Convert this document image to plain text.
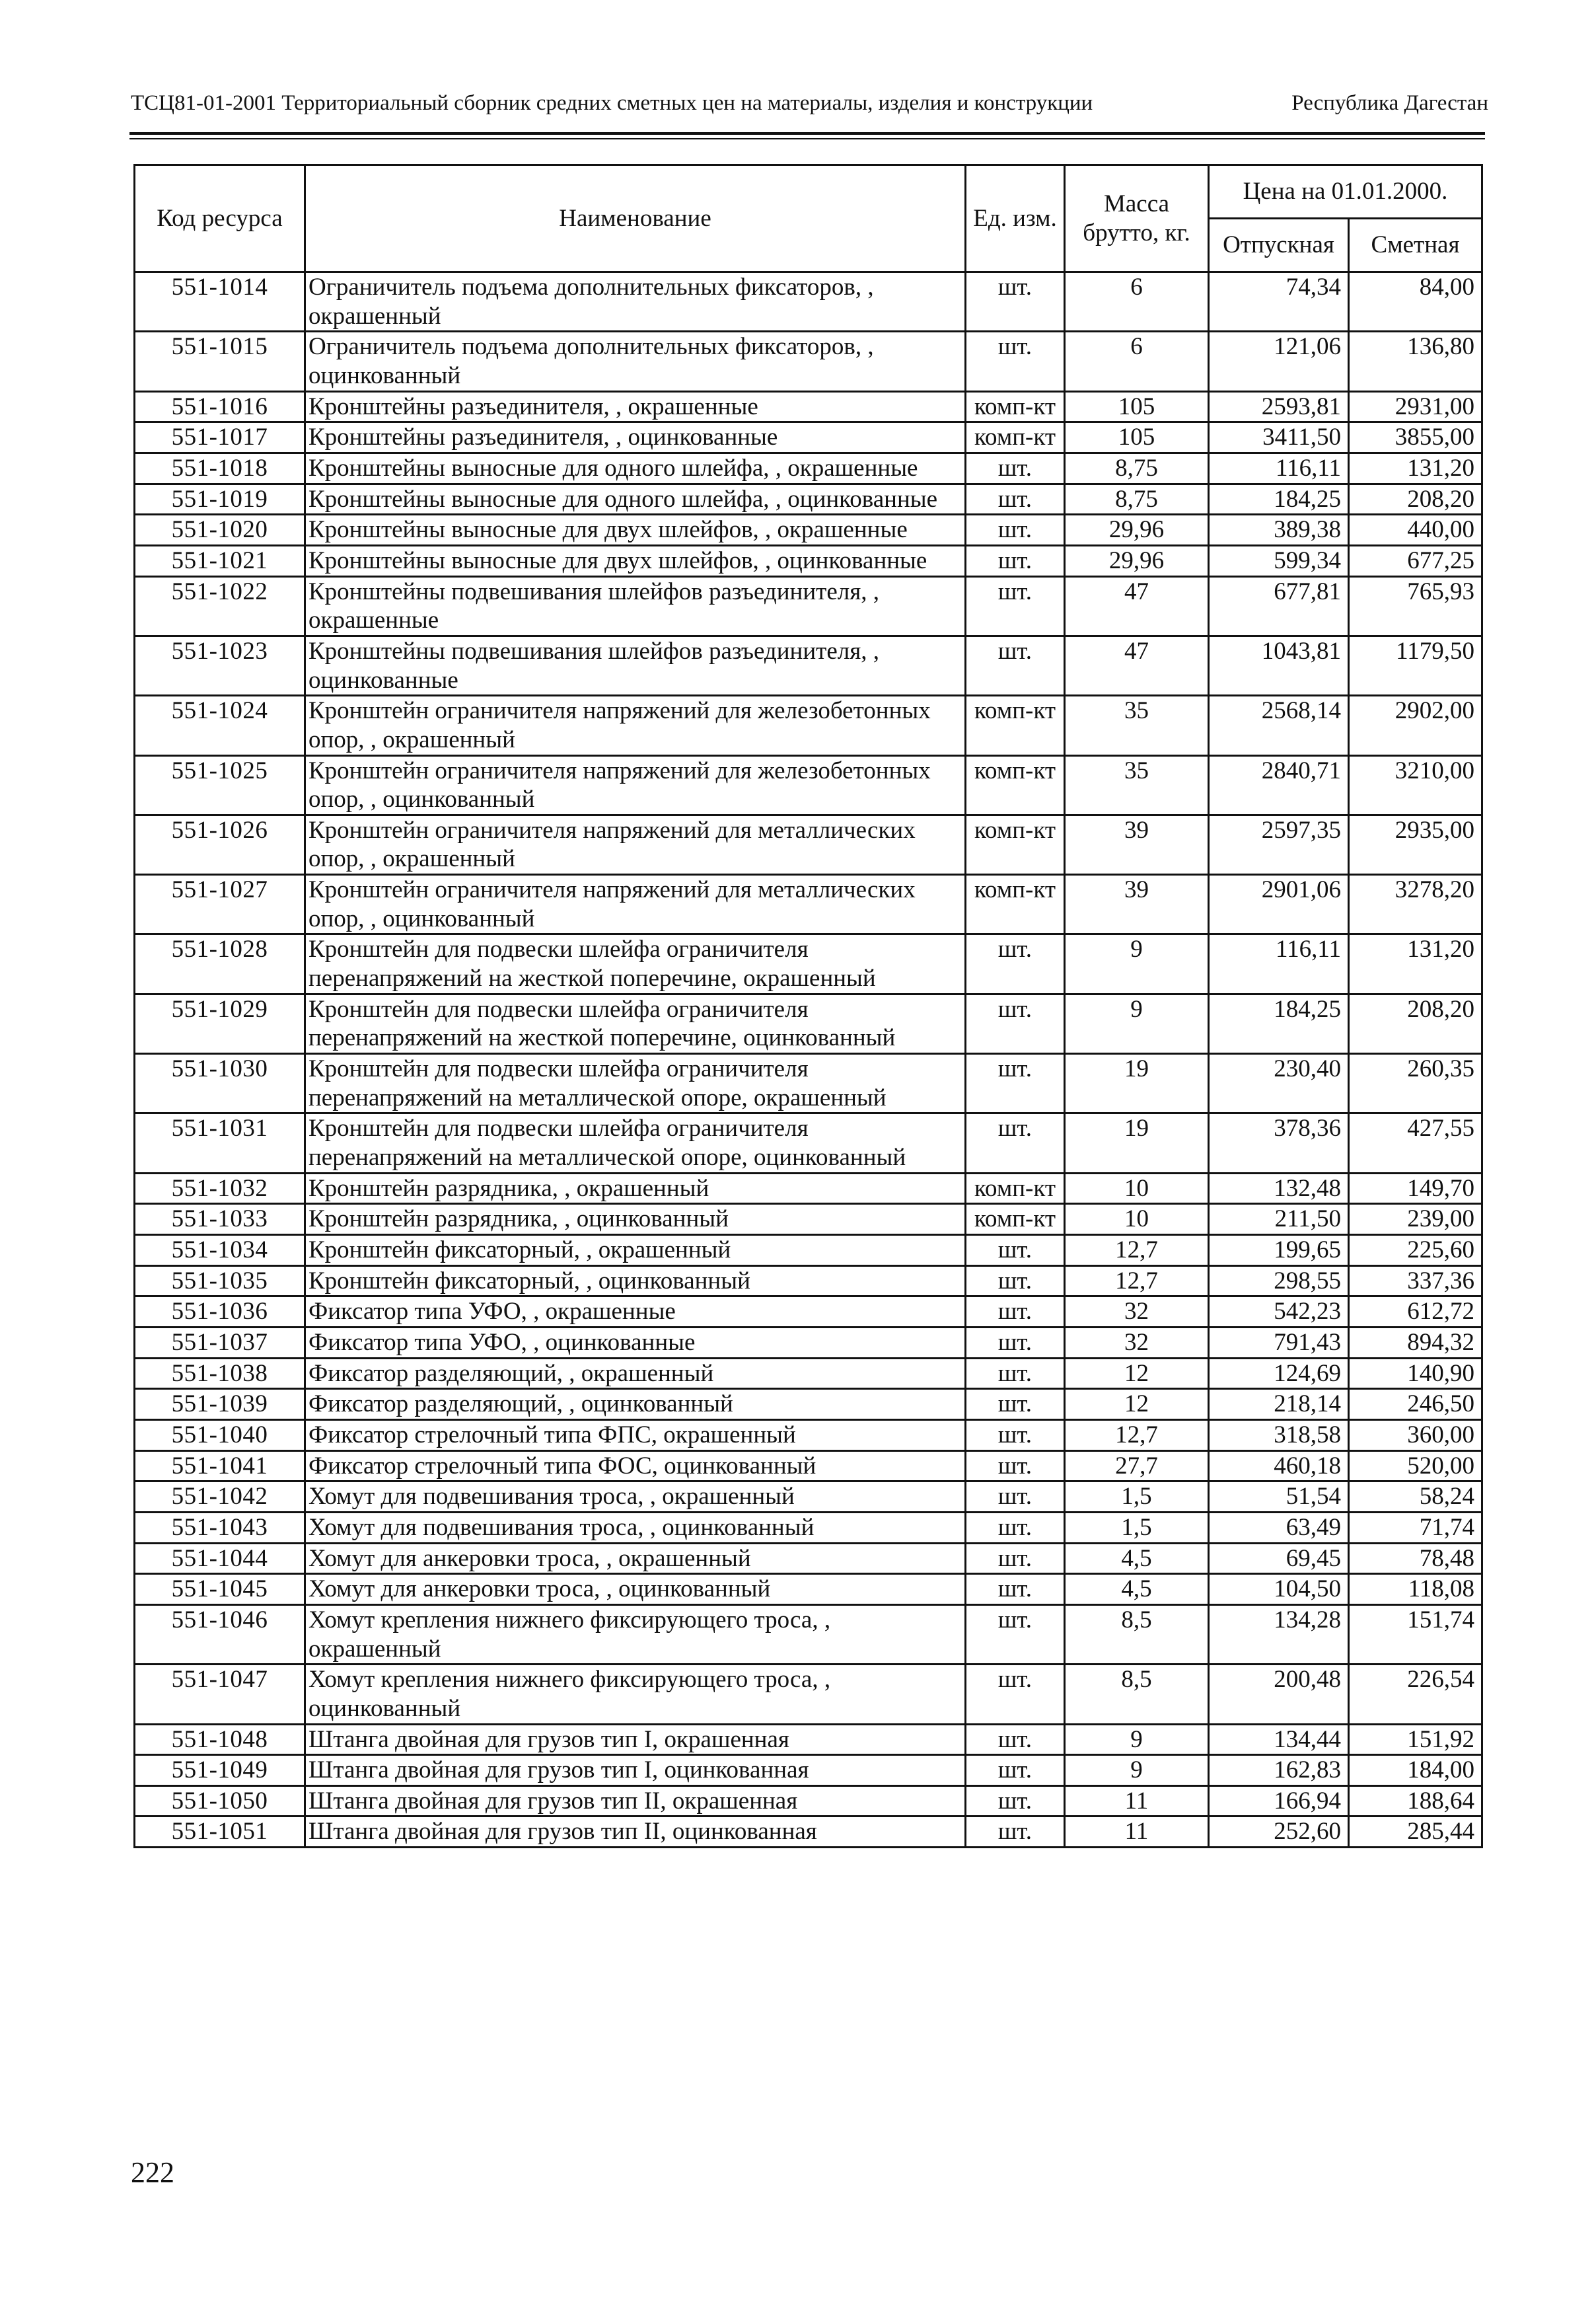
ТСЦ81-01-2001 Территориальный сборник средних сметных цен на материалы, изделия и конструкции	Республика Дагестан
Код ресурса	Наименование	Ед. изм.	Масса брутто, кг.	Цена на 01.01.2000.	
				Отпускная	Сметная
551-1014	Ограничитель подъема дополнительных фиксаторов, , окрашенный	шт.	6	74,34	84,00
551-1015	Ограничитель подъема дополнительных фиксаторов, , оцинкованный	шт.	6	121,06	136,80
551-1016	Кронштейны разъединителя, , окрашенные	комп-кт	105	2593,81	2931,00
551-1017	Кронштейны разъединителя, , оцинкованные	комп-кт	105	3411,50	3855,00
551-1018	Кронштейны выносные для одного шлейфа, , окрашенные	шт.	8,75	116,11	131,20
551-1019	Кронштейны выносные для одного шлейфа, , оцинкованные	шт.	8,75	184,25	208,20
551-1020	Кронштейны выносные для двух шлейфов, , окрашенные	шт.	29,96	389,38	440,00
551-1021	Кронштейны выносные для двух шлейфов, , оцинкованные	шт.	29,96	599,34	677,25
551-1022	Кронштейны подвешивания шлейфов разъединителя, , окрашенные	шт.	47	677,81	765,93
551-1023	Кронштейны подвешивания шлейфов разъединителя, , оцинкованные	шт.	47	1043,81	1179,50
551-1024	Кронштейн ограничителя напряжений для железобетонных опор, , окрашенный	комп-кт	35	2568,14	2902,00
551-1025	Кронштейн ограничителя напряжений для железобетонных опор, , оцинкованный	комп-кт	35	2840,71	3210,00
551-1026	Кронштейн ограничителя напряжений для металлических опор, , окрашенный	комп-кт	39	2597,35	2935,00
551-1027	Кронштейн ограничителя напряжений для металлических опор, , оцинкованный	комп-кт	39	2901,06	3278,20
551-1028	Кронштейн для подвески шлейфа ограничителя перенапряжений на жесткой поперечине, окрашенный	шт.	9	116,11	131,20
551-1029	Кронштейн для подвески шлейфа ограничителя перенапряжений на жесткой поперечине, оцинкованный	шт.	9	184,25	208,20
551-1030	Кронштейн для подвески шлейфа ограничителя перенапряжений на металлической опоре, окрашенный	шт.	19	230,40	260,35
551-1031	Кронштейн для подвески шлейфа ограничителя перенапряжений на металлической опоре, оцинкованный	шт.	19	378,36	427,55
551-1032	Кронштейн разрядника, , окрашенный	комп-кт	10	132,48	149,70
551-1033	Кронштейн разрядника, , оцинкованный	комп-кт	10	211,50	239,00
551-1034	Кронштейн фиксаторный, , окрашенный	шт.	12,7	199,65	225,60
551-1035	Кронштейн фиксаторный, , оцинкованный	шт.	12,7	298,55	337,36
551-1036	Фиксатор типа УФО, , окрашенные	шт.	32	542,23	612,72
551-1037	Фиксатор типа УФО, , оцинкованные	шт.	32	791,43	894,32
551-1038	Фиксатор разделяющий, , окрашенный	шт.	12	124,69	140,90
551-1039	Фиксатор разделяющий, , оцинкованный	шт.	12	218,14	246,50
551-1040	Фиксатор стрелочный типа ФПС, окрашенный	шт.	12,7	318,58	360,00
551-1041	Фиксатор стрелочный типа ФОС, оцинкованный	шт.	27,7	460,18	520,00
551-1042	Хомут для подвешивания троса, , окрашенный	шт.	1,5	51,54	58,24
551-1043	Хомут для подвешивания троса, , оцинкованный	шт.	1,5	63,49	71,74
551-1044	Хомут для анкеровки троса, , окрашенный	шт.	4,5	69,45	78,48
551-1045	Хомут для анкеровки троса, , оцинкованный	шт.	4,5	104,50	118,08
551-1046	Хомут крепления нижнего фиксирующего троса, , окрашенный	шт.	8,5	134,28	151,74
551-1047	Хомут крепления нижнего фиксирующего троса, , оцинкованный	шт.	8,5	200,48	226,54
551-1048	Штанга двойная для грузов тип I, окрашенная	шт.	9	134,44	151,92
551-1049	Штанга двойная для грузов тип I, оцинкованная	шт.	9	162,83	184,00
551-1050	Штанга двойная для грузов тип II, окрашенная	шт.	11	166,94	188,64
551-1051	Штанга двойная для грузов тип II, оцинкованная	шт.	11	252,60	285,44
222
